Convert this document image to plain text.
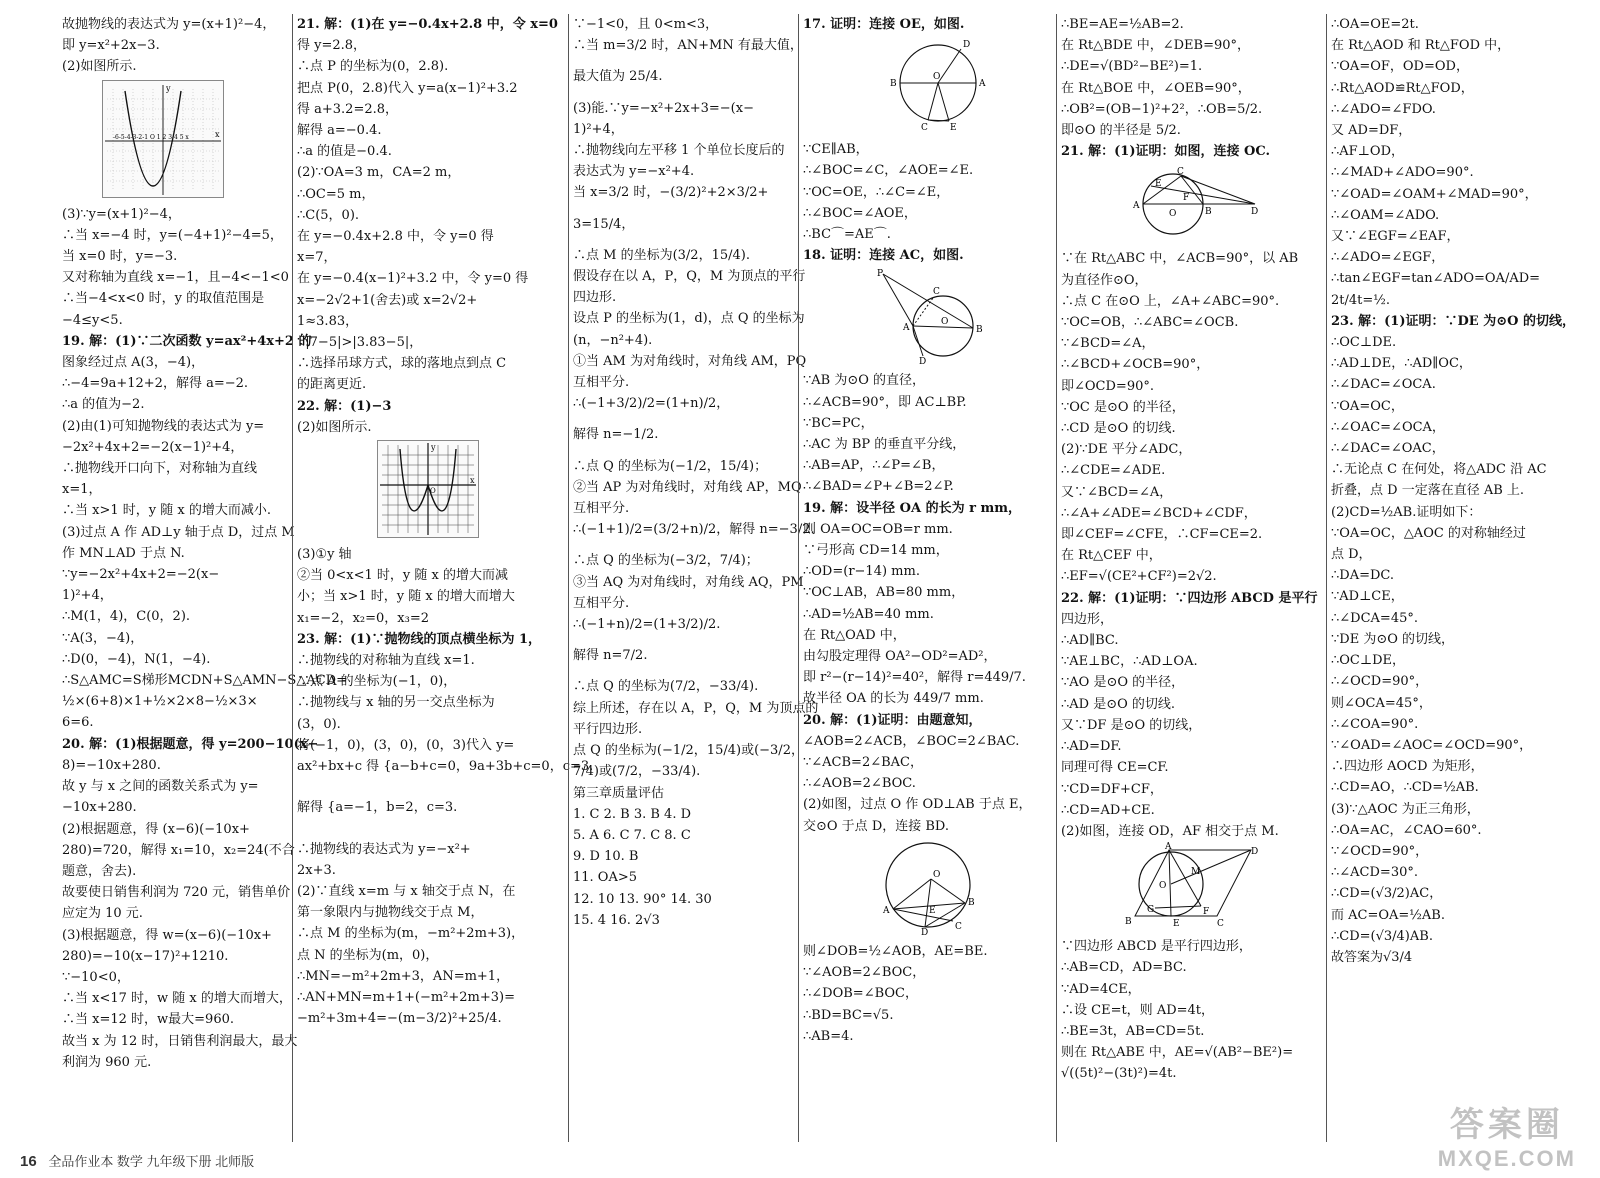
故抛物线的表达式为 y=(x+1)²−4，
即 y=x²+2x−3.
(2)如图所示.
-6-5-4-3-2-1 O 1 2 3 4 5 x	x
y
(3)∵y=(x+1)²−4，
∴当 x=−4 时，y=(−4+1)²−4=5，
当 x=0 时，y=−3.
又对称轴为直线 x=−1，且−4<−1<0
∴当−4<x<0 时，y 的取值范围是
−4≤y<5.
19. 解：(1)∵二次函数 y=ax²+4x+2 的
图象经过点 A(3，−4)，
∴−4=9a+12+2，解得 a=−2.
∴a 的值为−2.
(2)由(1)可知抛物线的表达式为 y=
−2x²+4x+2=−2(x−1)²+4，
∴抛物线开口向下，对称轴为直线
x=1，
∴当 x>1 时，y 随 x 的增大而减小.
(3)过点 A 作 AD⊥y 轴于点 D，过点 M
作 MN⊥AD 于点 N.
∵y=−2x²+4x+2=−2(x−
1)²+4，
∴M(1，4)，C(0，2).
∵A(3，−4)，
∴D(0，−4)，N(1，−4).
∴S△AMC=S梯形MCDN+S△AMN−S△ACD=
½×(6+8)×1+½×2×8−½×3×
6=6.
20. 解：(1)根据题意，得 y=200−10(x−
8)=−10x+280.
故 y 与 x 之间的函数关系式为 y=
−10x+280.
(2)根据题意，得 (x−6)(−10x+
280)=720，解得 x₁=10，x₂=24(不合
题意，舍去).
故要使日销售利润为 720 元，销售单价
应定为 10 元.
(3)根据题意，得 w=(x−6)(−10x+
280)=−10(x−17)²+1210.
∵−10<0，
∴当 x<17 时，w 随 x 的增大而增大，
∴当 x=12 时，w最大=960.
故当 x 为 12 时，日销售利润最大，最大
利润为 960 元.
21. 解：(1)在 y=−0.4x+2.8 中，令 x=0
得 y=2.8，
∴点 P 的坐标为(0，2.8).
把点 P(0，2.8)代入 y=a(x−1)²+3.2
得 a+3.2=2.8，
解得 a=−0.4.
∴a 的值是−0.4.
(2)∵OA=3 m，CA=2 m，
∴OC=5 m，
∴C(5，0).
在 y=−0.4x+2.8 中，令 y=0 得
x=7，
在 y=−0.4(x−1)²+3.2 中，令 y=0 得
x=−2√2+1(舍去)或 x=2√2+
1≈3.83，
∵|7−5|>|3.83−5|，
∴选择吊球方式，球的落地点到点 C
的距离更近.
22. 解：(1)−3
(2)如图所示.
O
x
y
(3)①y 轴
②当 0<x<1 时，y 随 x 的增大而减
小；当 x>1 时，y 随 x 的增大而增大
x₁=−2，x₂=0，x₃=2
23. 解：(1)∵抛物线的顶点横坐标为 1，
∴抛物线的对称轴为直线 x=1.
∵点 A 的坐标为(−1，0)，
∴抛物线与 x 轴的另一交点坐标为
(3，0).
将(−1，0)，(3，0)，(0，3)代入 y=
ax²+bx+c 得 {a−b+c=0，9a+3b+c=0，c=3.
解得 {a=−1，b=2，c=3.
∴抛物线的表达式为 y=−x²+
2x+3.
(2)∵直线 x=m 与 x 轴交于点 N，在
第一象限内与抛物线交于点 M，
∴点 M 的坐标为(m，−m²+2m+3)，
点 N 的坐标为(m，0)，
∴MN=−m²+2m+3，AN=m+1，
∴AN+MN=m+1+(−m²+2m+3)=
−m²+3m+4=−(m−3/2)²+25/4.
∵−1<0，且 0<m<3，
∴当 m=3/2 时，AN+MN 有最大值，
最大值为 25/4.
(3)能.∵y=−x²+2x+3=−(x−
1)²+4，
∴抛物线向左平移 1 个单位长度后的
表达式为 y=−x²+4.
当 x=3/2 时，−(3/2)²+2×3/2+
3=15/4，
∴点 M 的坐标为(3/2，15/4).
假设存在以 A，P，Q，M 为顶点的平行
四边形.
设点 P 的坐标为(1，d)，点 Q 的坐标为
(n，−n²+4).
①当 AM 为对角线时，对角线 AM，PQ
互相平分.
∴(−1+3/2)/2=(1+n)/2，
解得 n=−1/2.
∴点 Q 的坐标为(−1/2，15/4)；
②当 AP 为对角线时，对角线 AP，MQ
互相平分.
∴(−1+1)/2=(3/2+n)/2，解得 n=−3/2.
∴点 Q 的坐标为(−3/2，7/4)；
③当 AQ 为对角线时，对角线 AQ，PM
互相平分.
∴(−1+n)/2=(1+3/2)/2.
解得 n=7/2.
∴点 Q 的坐标为(7/2，−33/4).
综上所述，存在以 A，P，Q，M 为顶点的
平行四边形.
点 Q 的坐标为(−1/2，15/4)或(−3/2，
7/4)或(7/2，−33/4).
第三章质量评估
1. C 2. B 3. B 4. D
5. A 6. C 7. C 8. C
9. D 10. B
11. OA>5
12. 10 13. 90° 14. 30
15. 4 16. 2√3
17. 证明：连接 OE，如图.
A
B
C
D
E
O
∵CE∥AB，
∴∠BOC=∠C，∠AOE=∠E.
∵OC=OE，∴∠C=∠E，
∴∠BOC=∠AOE，
∴BC⌒=AE⌒.
18. 证明：连接 AC，如图.
P
A	B
C
D
O
∵AB 为⊙O 的直径，
∴∠ACB=90°，即 AC⊥BP.
∵BC=PC，
∴AC 为 BP 的垂直平分线，
∴AB=AP，∴∠P=∠B，
∴∠BAD=∠P+∠B=2∠P.
19. 解：设半径 OA 的长为 r mm，
则 OA=OC=OB=r mm.
∵弓形高 CD=14 mm，
∴OD=(r−14) mm.
∵OC⊥AB，AB=80 mm，
∴AD=½AB=40 mm.
在 Rt△OAD 中，
由勾股定理得 OA²−OD²=AD²，
即 r²−(r−14)²=40²，解得 r=449/7.
故半径 OA 的长为 449/7 mm.
20. 解：(1)证明：由题意知，
∠AOB=2∠ACB，∠BOC=2∠BAC.
∵∠ACB=2∠BAC，
∴∠AOB=2∠BOC.
(2)如图，过点 O 作 OD⊥AB 于点 E，
交⊙O 于点 D，连接 BD.
A
B
C
D
E
O
则∠DOB=½∠AOB，AE=BE.
∵∠AOB=2∠BOC，
∴∠DOB=∠BOC，
∴BD=BC=√5.
∴AB=4.
∴BE=AE=½AB=2.
在 Rt△BDE 中，∠DEB=90°，
∴DE=√(BD²−BE²)=1.
在 Rt△BOE 中，∠OEB=90°，
∴OB²=(OB−1)²+2²，∴OB=5/2.
即⊙O 的半径是 5/2.
21. 解：(1)证明：如图，连接 OC.
A
B
C
D
E
F
O
∵在 Rt△ABC 中，∠ACB=90°，以 AB
为直径作⊙O，
∴点 C 在⊙O 上，∠A+∠ABC=90°.
∵OC=OB，∴∠ABC=∠OCB.
∵∠BCD=∠A，
∴∠BCD+∠OCB=90°，
即∠OCD=90°.
∵OC 是⊙O 的半径，
∴CD 是⊙O 的切线.
(2)∵DE 平分∠ADC，
∴∠CDE=∠ADE.
又∵∠BCD=∠A，
∴∠A+∠ADE=∠BCD+∠CDF，
即∠CEF=∠CFE，∴CF=CE=2.
在 Rt△CEF 中，
∴EF=√(CE²+CF²)=2√2.
22. 解：(1)证明：∵四边形 ABCD 是平行
四边形，
∴AD∥BC.
∵AE⊥BC，∴AD⊥OA.
∵AO 是⊙O 的半径，
∴AD 是⊙O 的切线.
又∵DF 是⊙O 的切线，
∴AD=DF.
同理可得 CE=CF.
∵CD=DF+CF，
∴CD=AD+CE.
(2)如图，连接 OD，AF 相交于点 M.
A
B	C
D
E
F
G
M
O
∵四边形 ABCD 是平行四边形，
∴AB=CD，AD=BC.
∵AD=4CE，
∴设 CE=t，则 AD=4t，
∴BE=3t，AB=CD=5t.
则在 Rt△ABE 中，AE=√(AB²−BE²)=
√((5t)²−(3t)²)=4t.
∴OA=OE=2t.
在 Rt△AOD 和 Rt△FOD 中，
∵OA=OF，OD=OD，
∴Rt△AOD≌Rt△FOD，
∴∠ADO=∠FDO.
又 AD=DF，
∴AF⊥OD，
∴∠MAD+∠ADO=90°.
∵∠OAD=∠OAM+∠MAD=90°，
∴∠OAM=∠ADO.
又∵∠EGF=∠EAF，
∴∠ADO=∠EGF，
∴tan∠EGF=tan∠ADO=OA/AD=
2t/4t=½.
23. 解：(1)证明：∵DE 为⊙O 的切线，
∴OC⊥DE.
∴AD⊥DE，∴AD∥OC，
∴∠DAC=∠OCA.
∵OA=OC，
∴∠OAC=∠OCA，
∴∠DAC=∠OAC，
∴无论点 C 在何处，将△ADC 沿 AC
折叠，点 D 一定落在直径 AB 上.
(2)CD=½AB.证明如下：
∵OA=OC，△AOC 的对称轴经过
点 D，
∴DA=DC.
∵AD⊥CE，
∴∠DCA=45°.
∵DE 为⊙O 的切线，
∴OC⊥DE，
∴∠OCD=90°，
则∠OCA=45°，
∴∠COA=90°.
∵∠OAD=∠AOC=∠OCD=90°，
∴四边形 AOCD 为矩形，
∴CD=AO，∴CD=½AB.
(3)∵△AOC 为正三角形，
∴OA=AC，∠CAO=60°.
∵∠OCD=90°，
∴∠ACD=30°.
∴CD=(√3/2)AC，
而 AC=OA=½AB.
∴CD=(√3/4)AB.
故答案为√3/4
16 全品作业本 数学 九年级下册 北师版
答案圈
MXQE.COM
